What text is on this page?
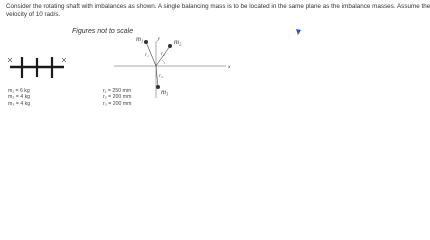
Consider the rotating shaft with imbalances as shown. A single balancing mass is to be located in the same plane as the imbalance masses. Assume the
velocity of 10 rad/s.

Figures not to scale

m₁	m₂
m₃
r₁ r₂
r₃
y
x
m₁ = 6 kg
m₂ = 4 kg
m₃ = 4 kg
r₁ = 250 mm
r₂ = 200 mm
r₃ = 200 mm
